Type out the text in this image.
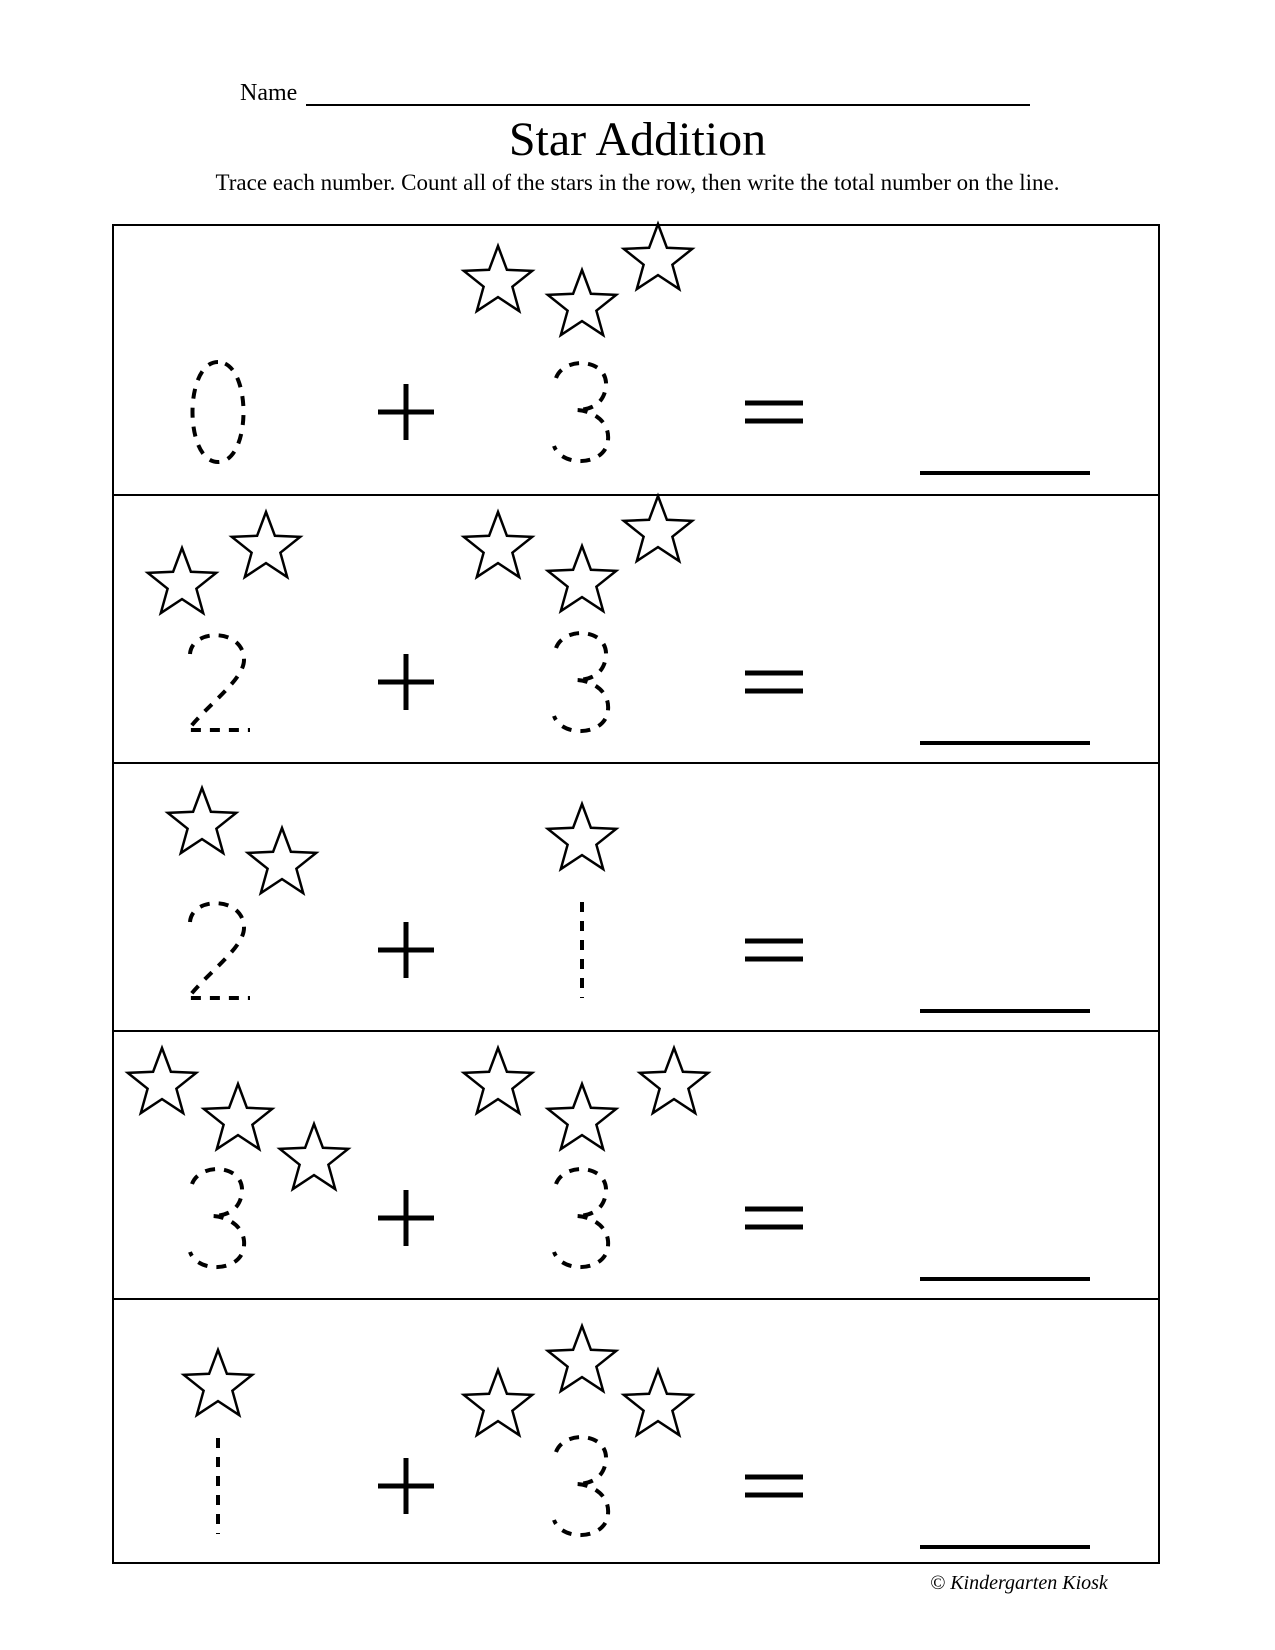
Name
Star Addition
Trace each number. Count all of the stars in the row, then write the total number on the line.
© Kindergarten Kiosk
